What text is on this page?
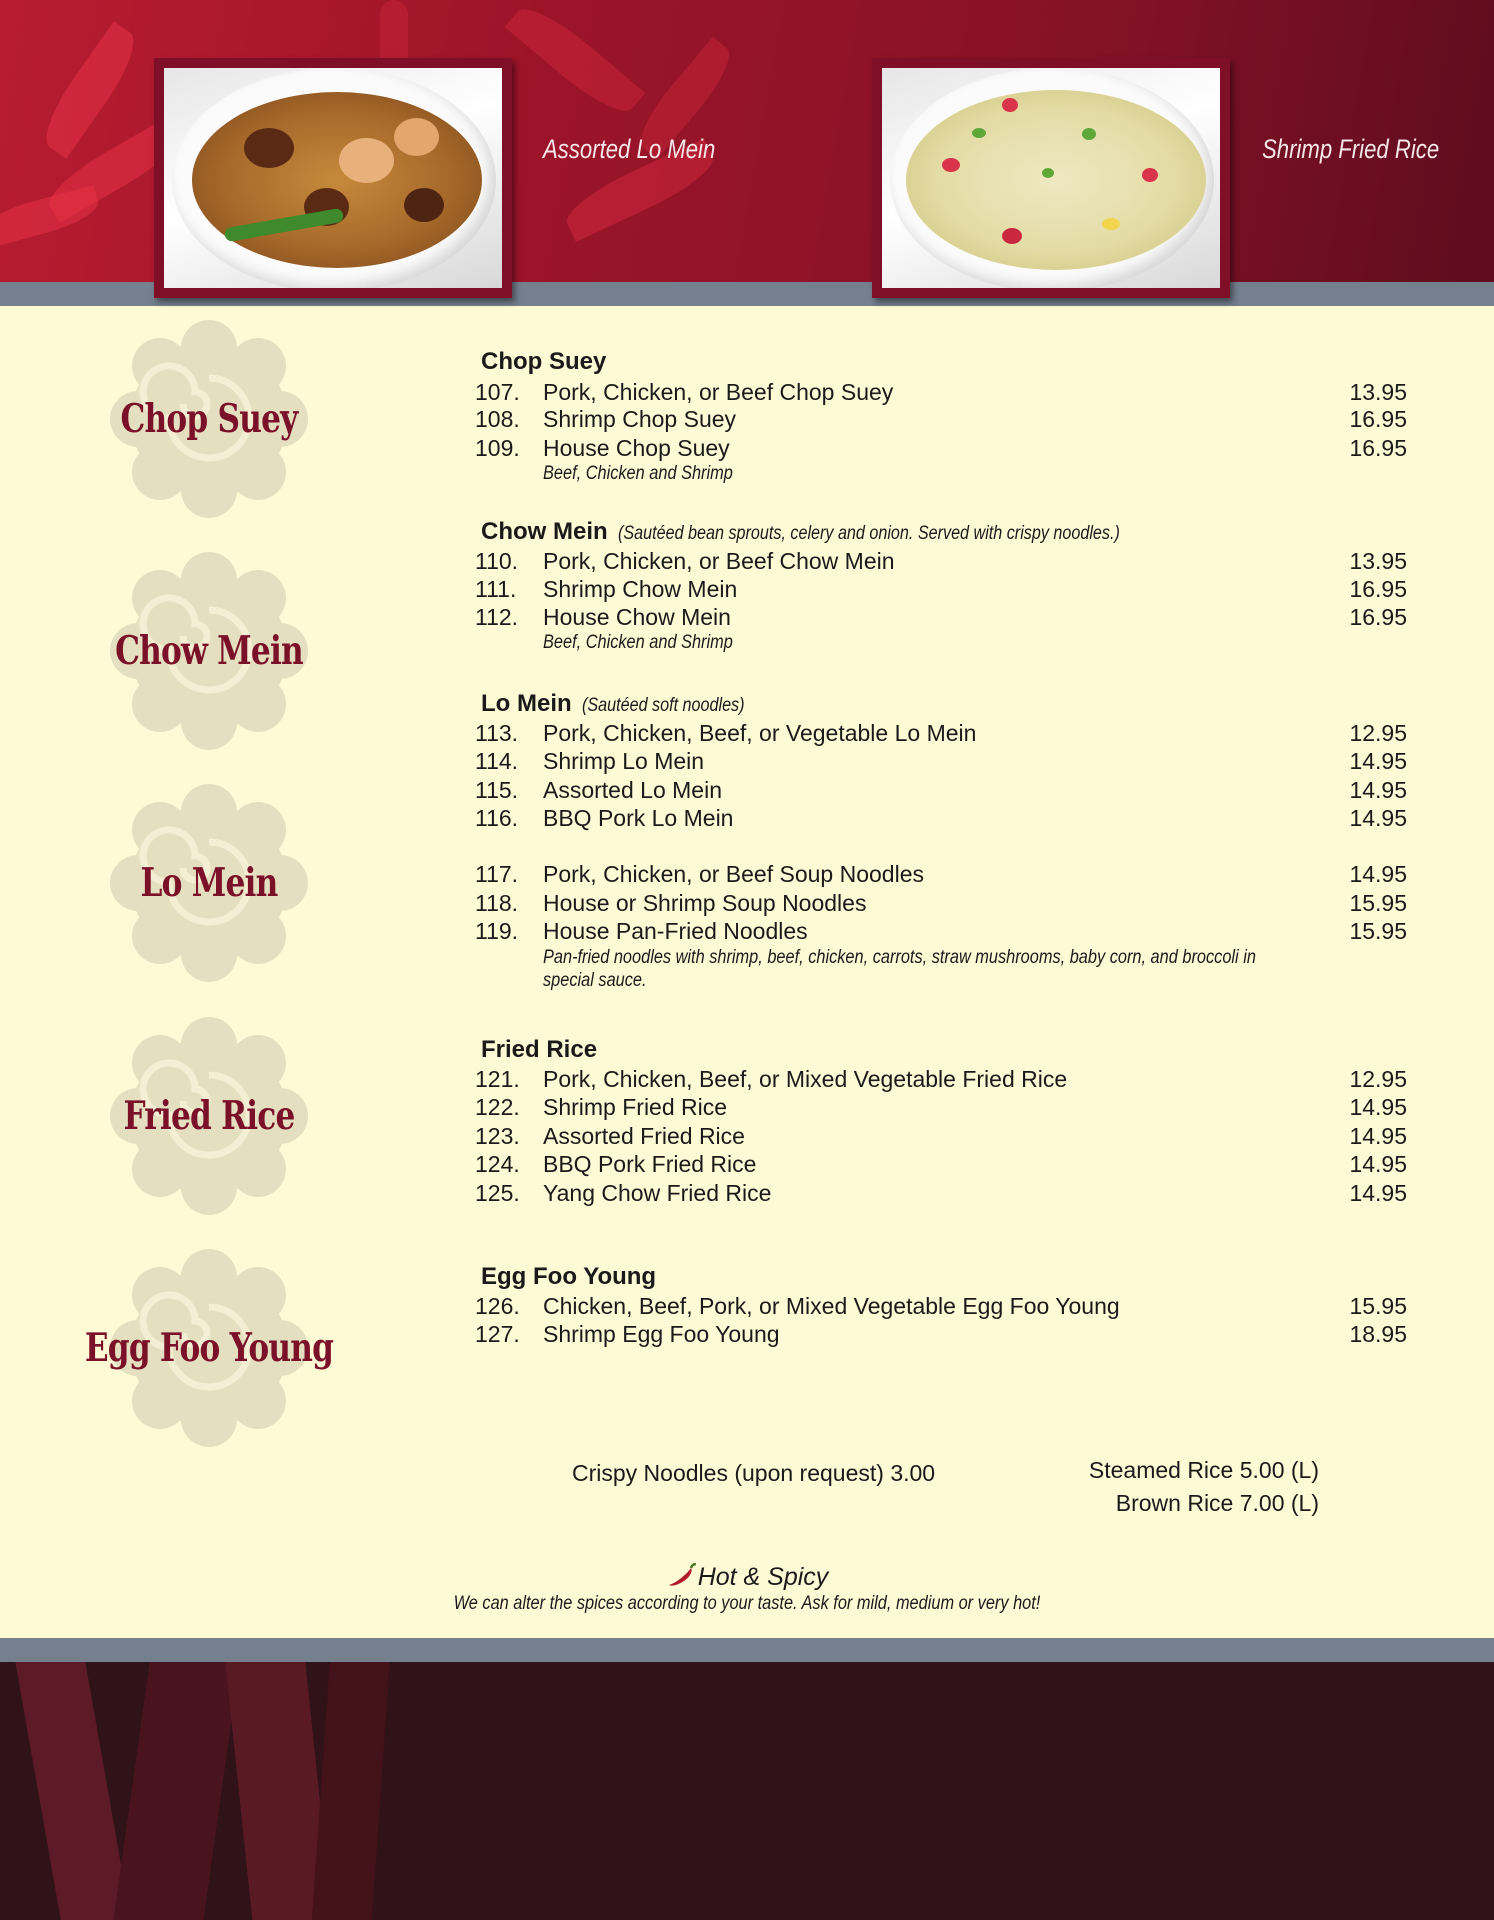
Assorted Lo Mein	Shrimp Fried Rice
Chop Suey
Chow Mein
Lo Mein
Fried Rice
Egg Foo Young
Chop Suey
107. Pork, Chicken, or Beef Chop Suey	13.95
108. Shrimp Chop Suey	16.95
109. House Chop Suey	16.95
Beef, Chicken and Shrimp
Chow Mein (Sautéed bean sprouts, celery and onion. Served with crispy noodles.)
110. Pork, Chicken, or Beef Chow Mein	13.95
111. Shrimp Chow Mein	16.95
112. House Chow Mein	16.95
Beef, Chicken and Shrimp
Lo Mein (Sautéed soft noodles)
113. Pork, Chicken, Beef, or Vegetable Lo Mein	12.95
114. Shrimp Lo Mein	14.95
115. Assorted Lo Mein	14.95
116. BBQ Pork Lo Mein	14.95
117. Pork, Chicken, or Beef Soup Noodles	14.95
118. House or Shrimp Soup Noodles	15.95
119. House Pan-Fried Noodles	15.95
Pan-fried noodles with shrimp, beef, chicken, carrots, straw mushrooms, baby corn, and broccoli in special sauce.
Fried Rice
121. Pork, Chicken, Beef, or Mixed Vegetable Fried Rice	12.95
122. Shrimp Fried Rice	14.95
123. Assorted Fried Rice	14.95
124. BBQ Pork Fried Rice	14.95
125. Yang Chow Fried Rice	14.95
Egg Foo Young
126. Chicken, Beef, Pork, or Mixed Vegetable Egg Foo Young	15.95
127. Shrimp Egg Foo Young	18.95
Crispy Noodles (upon request) 3.00	Steamed Rice 5.00 (L)
Brown Rice 7.00 (L)
Hot & Spicy
We can alter the spices according to your taste. Ask for mild, medium or very hot!
